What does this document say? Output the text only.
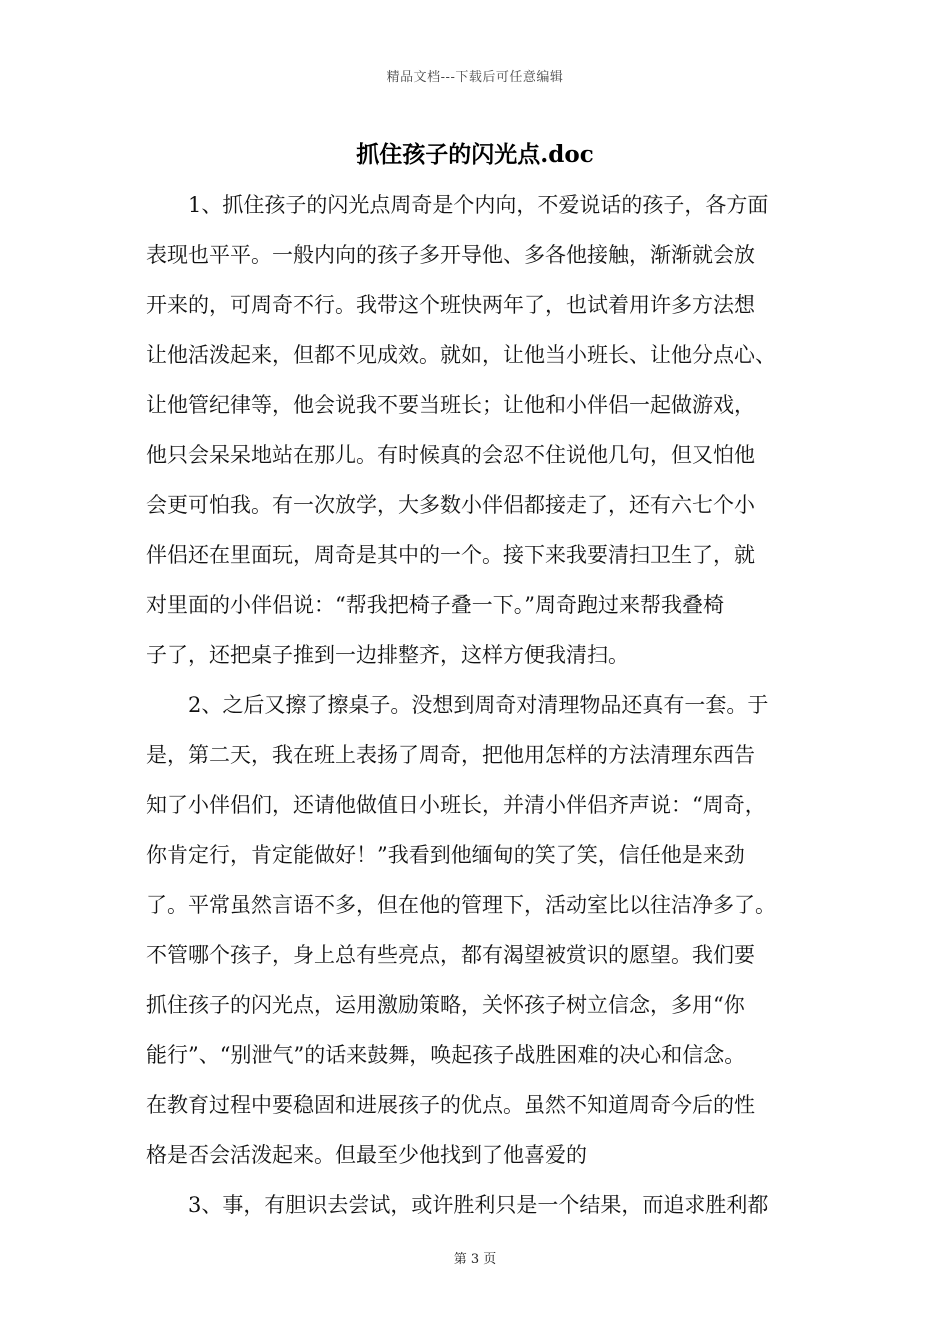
精品文档---下载后可任意编辑
抓住孩子的闪光点.doc
1、抓住孩子的闪光点周奇是个内向，不爱说话的孩子，各方面
表现也平平。一般内向的孩子多开导他、多各他接触，渐渐就会放
开来的，可周奇不行。我带这个班快两年了，也试着用许多方法想
让他活泼起来，但都不见成效。就如，让他当小班长、让他分点心、
让他管纪律等，他会说我不要当班长；让他和小伴侣一起做游戏，
他只会呆呆地站在那儿。有时候真的会忍不住说他几句，但又怕他
会更可怕我。有一次放学，大多数小伴侣都接走了，还有六七个小
伴侣还在里面玩，周奇是其中的一个。接下来我要清扫卫生了，就
对里面的小伴侣说：“帮我把椅子叠一下。”周奇跑过来帮我叠椅
子了，还把桌子推到一边排整齐，这样方便我清扫。
2、之后又擦了擦桌子。没想到周奇对清理物品还真有一套。于
是，第二天，我在班上表扬了周奇，把他用怎样的方法清理东西告
知了小伴侣们，还请他做值日小班长，并清小伴侣齐声说：“周奇，
你肯定行，肯定能做好！”我看到他缅甸的笑了笑，信任他是来劲
了。平常虽然言语不多，但在他的管理下，活动室比以往洁净多了。
不管哪个孩子，身上总有些亮点，都有渴望被赏识的愿望。我们要
抓住孩子的闪光点，运用激励策略，关怀孩子树立信念，多用“你
能行”、“别泄气”的话来鼓舞，唤起孩子战胜困难的决心和信念。
在教育过程中要稳固和进展孩子的优点。虽然不知道周奇今后的性
格是否会活泼起来。但最至少他找到了他喜爱的
3、事，有胆识去尝试，或许胜利只是一个结果，而追求胜利都
第 3 页
